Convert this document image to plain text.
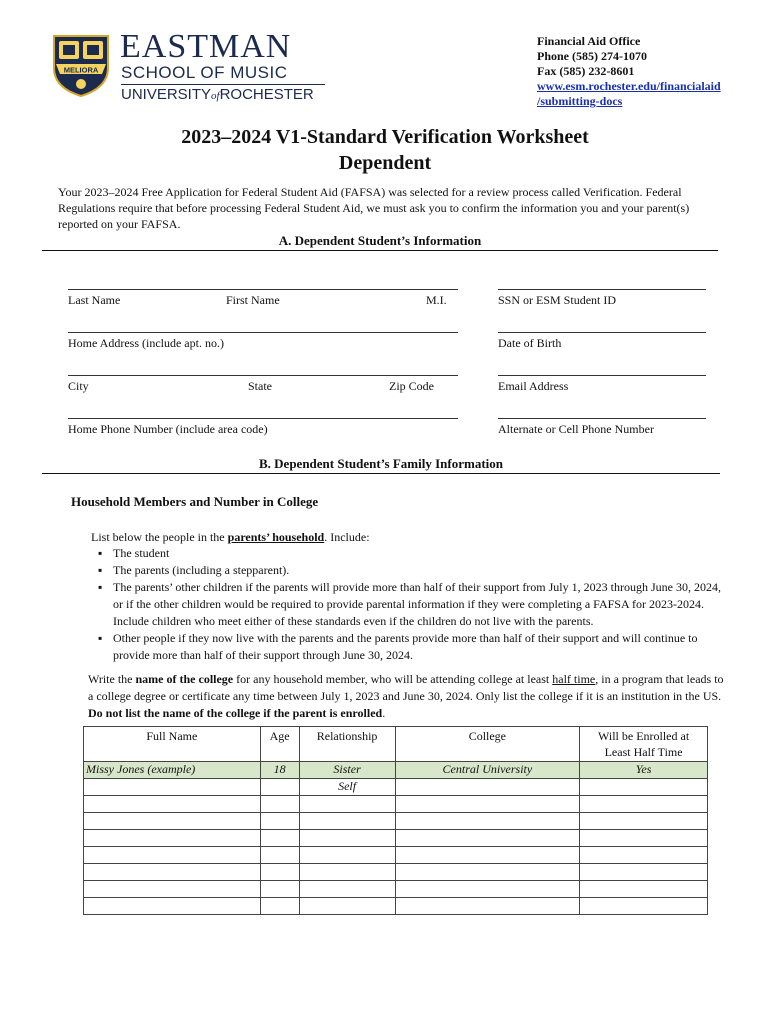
MELIORA
EASTMAN
SCHOOL OF MUSIC
UNIVERSITYofROCHESTER
Financial Aid Office
Phone (585) 274-1070
Fax (585) 232-8601
www.esm.rochester.edu/financialaid
/submitting-docs
2023–2024 V1-Standard Verification Worksheet
Dependent
Your 2023–2024 Free Application for Federal Student Aid (FAFSA) was selected for a review process called Verification. Federal Regulations require that before processing Federal Student Aid, we must ask you to confirm the information you and your parent(s) reported on your FAFSA.
A. Dependent Student’s Information
Last Name	First Name	M.I.	SSN or ESM Student ID
Home Address (include apt. no.)	Date of Birth
City	State	Zip Code	Email Address
Home Phone Number (include area code)	Alternate or Cell Phone Number
B. Dependent Student’s Family Information
Household Members and Number in College
List below the people in the parents’ household. Include:
▪ The student
▪ The parents (including a stepparent).
▪ The parents’ other children if the parents will provide more than half of their support from July 1, 2023 through June 30, 2024, or if the other children would be required to provide parental information if they were completing a FAFSA for 2023-2024. Include children who meet either of these standards even if the children do not live with the parents.
▪ Other people if they now live with the parents and the parents provide more than half of their support and will continue to provide more than half of their support through June 30, 2024.
Write the name of the college for any household member, who will be attending college at least half time, in a program that leads to a college degree or certificate any time between July 1, 2023 and June 30, 2024. Only list the college if it is an institution in the US. Do not list the name of the college if the parent is enrolled.
Full Name	Age	Relationship	College	Will be Enrolled at
Least Half Time
Missy Jones (example)	18	Sister	Central University	Yes
		Self		
